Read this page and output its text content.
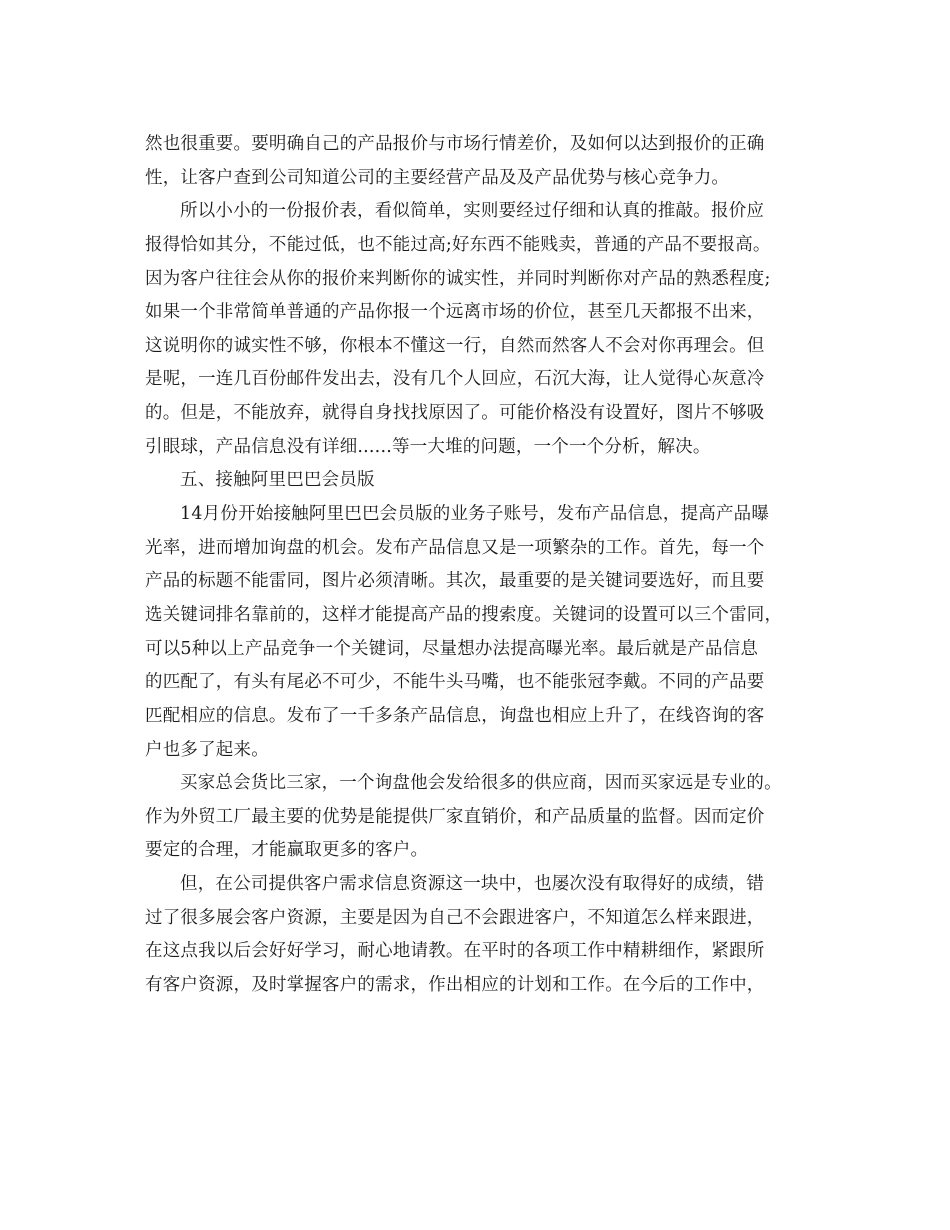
然也很重要。要明确自己的产品报价与市场行情差价，及如何以达到报价的正确
性，让客户查到公司知道公司的主要经营产品及及产品优势与核心竞争力。
所以小小的一份报价表，看似简单，实则要经过仔细和认真的推敲。报价应
报得恰如其分，不能过低，也不能过高;好东西不能贱卖，普通的产品不要报高。
因为客户往往会从你的报价来判断你的诚实性，并同时判断你对产品的熟悉程度;
如果一个非常简单普通的产品你报一个远离市场的价位，甚至几天都报不出来，
这说明你的诚实性不够，你根本不懂这一行，自然而然客人不会对你再理会。但
是呢，一连几百份邮件发出去，没有几个人回应，石沉大海，让人觉得心灰意冷
的。但是，不能放弃，就得自身找找原因了。可能价格没有设置好，图片不够吸
引眼球，产品信息没有详细......等一大堆的问题，一个一个分析，解决。
五、接触阿里巴巴会员版
14月份开始接触阿里巴巴会员版的业务子账号，发布产品信息，提高产品曝
光率，进而增加询盘的机会。发布产品信息又是一项繁杂的工作。首先，每一个
产品的标题不能雷同，图片必须清晰。其次，最重要的是关键词要选好，而且要
选关键词排名靠前的，这样才能提高产品的搜索度。关键词的设置可以三个雷同，
可以5种以上产品竞争一个关键词，尽量想办法提高曝光率。最后就是产品信息
的匹配了，有头有尾必不可少，不能牛头马嘴，也不能张冠李戴。不同的产品要
匹配相应的信息。发布了一千多条产品信息，询盘也相应上升了，在线咨询的客
户也多了起来。
买家总会货比三家，一个询盘他会发给很多的供应商，因而买家远是专业的。
作为外贸工厂最主要的优势是能提供厂家直销价，和产品质量的监督。因而定价
要定的合理，才能赢取更多的客户。
但，在公司提供客户需求信息资源这一块中，也屡次没有取得好的成绩，错
过了很多展会客户资源，主要是因为自己不会跟进客户，不知道怎么样来跟进，
在这点我以后会好好学习，耐心地请教。在平时的各项工作中精耕细作，紧跟所
有客户资源，及时掌握客户的需求，作出相应的计划和工作。在今后的工作中，
